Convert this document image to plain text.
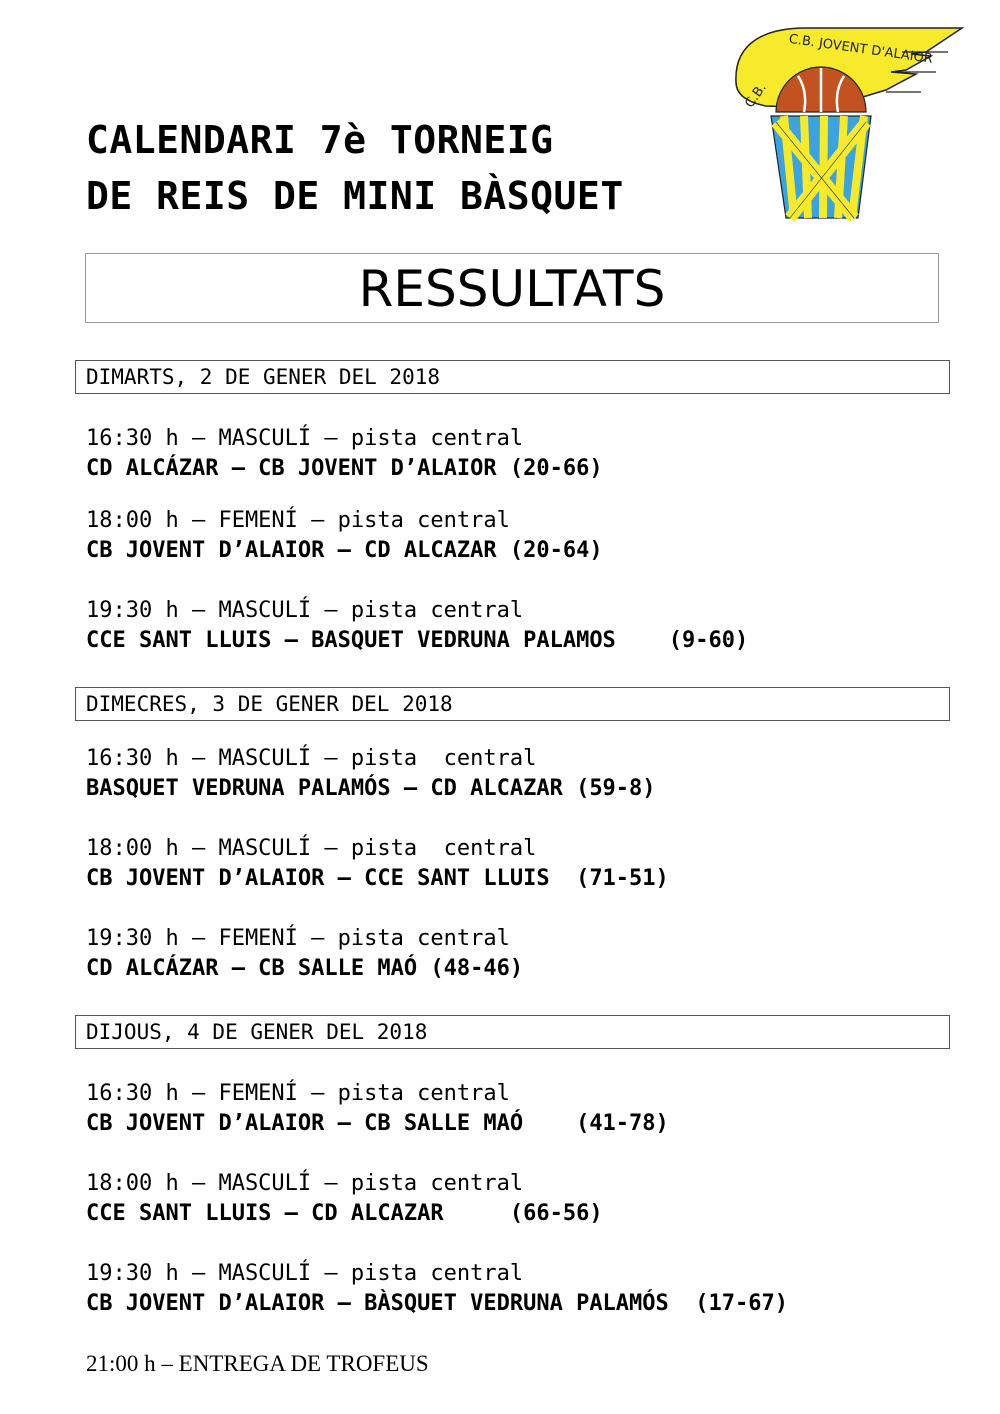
CALENDARI 7è TORNEIG
DE REIS DE MINI BÀSQUET
C.B.
C.B. JOVENT D'ALAIOR
RESSULTATS
DIMARTS, 2 DE GENER DEL 2018
16:30 h – MASCULÍ – pista central
CD ALCÁZAR – CB JOVENT D’ALAIOR (20-66)
18:00 h – FEMENÍ – pista central
CB JOVENT D’ALAIOR – CD ALCAZAR (20-64)
19:30 h – MASCULÍ – pista central
CCE SANT LLUIS – BASQUET VEDRUNA PALAMOS    (9-60)
DIMECRES, 3 DE GENER DEL 2018
16:30 h – MASCULÍ – pista  central
BASQUET VEDRUNA PALAMÓS – CD ALCAZAR (59-8)
18:00 h – MASCULÍ – pista  central
CB JOVENT D’ALAIOR – CCE SANT LLUIS  (71-51)
19:30 h – FEMENÍ – pista central
CD ALCÁZAR – CB SALLE MAÓ (48-46)
DIJOUS, 4 DE GENER DEL 2018
16:30 h – FEMENÍ – pista central
CB JOVENT D’ALAIOR – CB SALLE MAÓ    (41-78)
18:00 h – MASCULÍ – pista central
CCE SANT LLUIS – CD ALCAZAR     (66-56)
19:30 h – MASCULÍ – pista central
CB JOVENT D’ALAIOR – BÀSQUET VEDRUNA PALAMÓS  (17-67)
21:00 h – ENTREGA DE TROFEUS
